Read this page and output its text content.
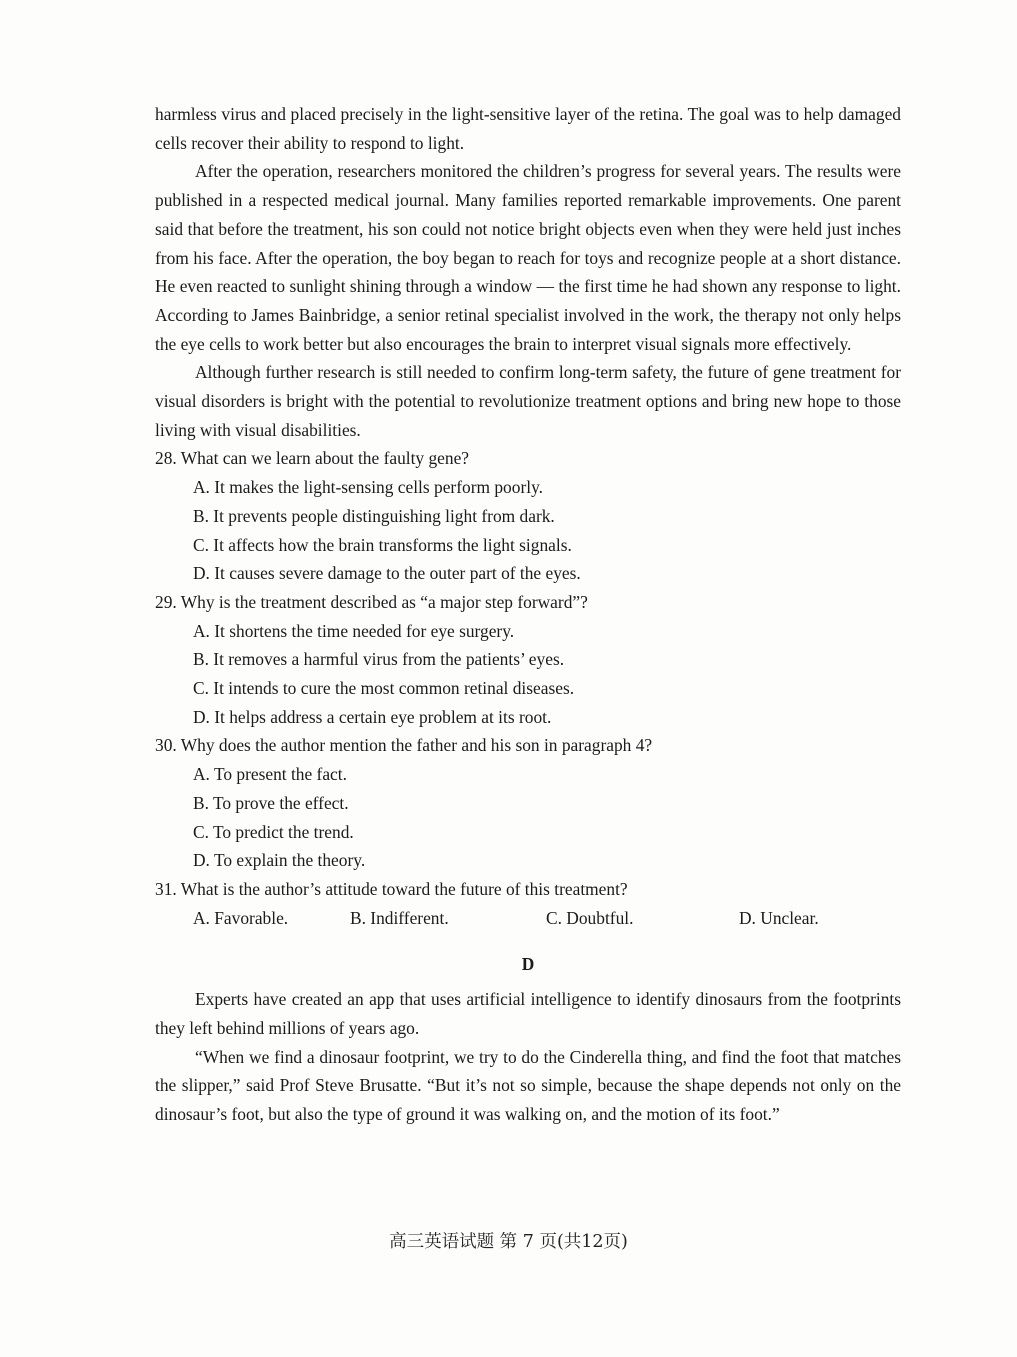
harmless virus and placed precisely in the light-sensitive layer of the retina. The goal was to help damaged cells recover their ability to respond to light.

After the operation, researchers monitored the children’s progress for several years. The results were published in a respected medical journal. Many families reported remarkable improvements. One parent said that before the treatment, his son could not notice bright objects even when they were held just inches from his face. After the operation, the boy began to reach for toys and recognize people at a short distance. He even reacted to sunlight shining through a window — the first time he had shown any response to light. According to James Bainbridge, a senior retinal specialist involved in the work, the therapy not only helps the eye cells to work better but also encourages the brain to interpret visual signals more effectively.

Although further research is still needed to confirm long-term safety, the future of gene treatment for visual disorders is bright with the potential to revolutionize treatment options and bring new hope to those living with visual disabilities.

28. What can we learn about the faulty gene?

A. It makes the light-sensing cells perform poorly.

B. It prevents people distinguishing light from dark.

C. It affects how the brain transforms the light signals.

D. It causes severe damage to the outer part of the eyes.

29. Why is the treatment described as “a major step forward”?

A. It shortens the time needed for eye surgery.

B. It removes a harmful virus from the patients’ eyes.

C. It intends to cure the most common retinal diseases.

D. It helps address a certain eye problem at its root.

30. Why does the author mention the father and his son in paragraph 4?

A. To present the fact.

B. To prove the effect.

C. To predict the trend.

D. To explain the theory.

31. What is the author’s attitude toward the future of this treatment?

A. Favorable.	B. Indifferent.	C. Doubtful.	D. Unclear.
D

Experts have created an app that uses artificial intelligence to identify dinosaurs from the footprints they left behind millions of years ago.

“When we find a dinosaur footprint, we try to do the Cinderella thing, and find the foot that matches the slipper,” said Prof Steve Brusatte. “But it’s not so simple, because the shape depends not only on the dinosaur’s foot, but also the type of ground it was walking on, and the motion of its foot.”

高三英语试题 第 7 页(共12页)
